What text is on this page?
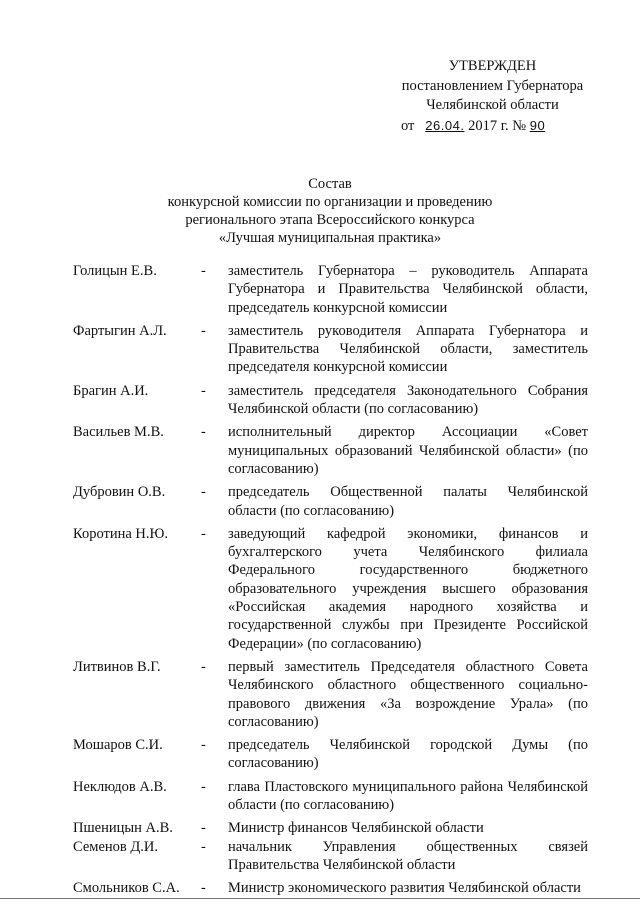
УТВЕРЖДЕН
постановлением Губернатора
Челябинской области
от 26.04. 2017 г. № 90
Состав
конкурсной комиссии по организации и проведению
регионального этапа Всероссийского конкурса
«Лучшая муниципальная практика»
Голицын Е.В.	-	заместитель Губернатора – руководитель Аппарата Губернатора и Правительства Челябинской области, председатель конкурсной комиссии
Фартыгин А.Л.	-	заместитель руководителя Аппарата Губернатора и Правительства Челябинской области, заместитель председателя конкурсной комиссии
Брагин А.И.	-	заместитель председателя Законодательного Собрания Челябинской области (по согласованию)
Васильев М.В.	-	исполнительный директор Ассоциации «Совет муниципальных образований Челябинской области» (по согласованию)
Дубровин О.В.	-	председатель Общественной палаты Челябинской области (по согласованию)
Коротина Н.Ю.	-	заведующий кафедрой экономики, финансов и бухгалтерского учета Челябинского филиала Федерального государственного бюджетного образовательного учреждения высшего образования «Российская академия народного хозяйства и государственной службы при Президенте Российской Федерации» (по согласованию)
Литвинов В.Г.	-	первый заместитель Председателя областного Совета Челябинского областного общественного социально-правового движения «За возрождение Урала» (по согласованию)
Мошаров С.И.	-	председатель Челябинской городской Думы (по согласованию)
Неклюдов А.В.	-	глава Пластовского муниципального района Челябинской области (по согласованию)
Пшеницын А.В.	-	Министр финансов Челябинской области
Семенов Д.И.	-	начальник Управления общественных связей Правительства Челябинской области
Смольников С.А.	-	Министр экономического развития Челябинской области
